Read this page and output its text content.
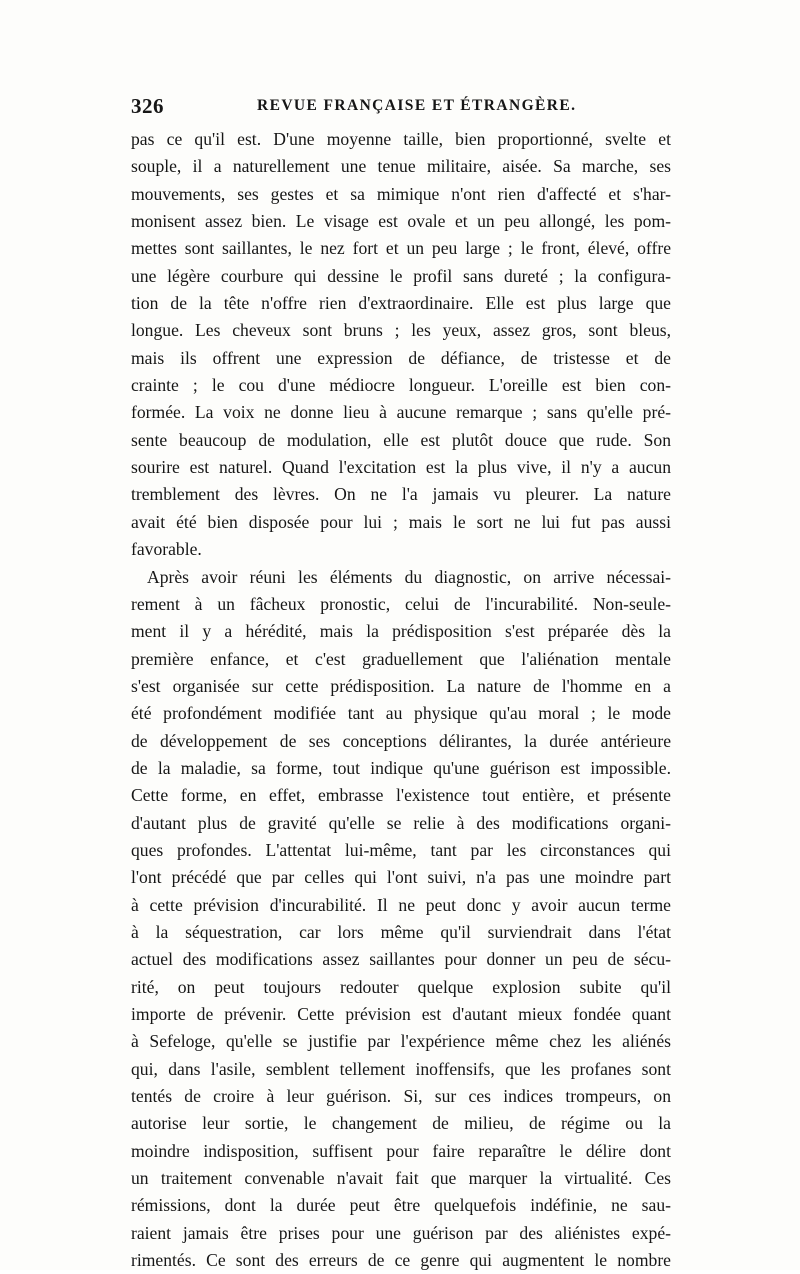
326	REVUE FRANÇAISE ET ÉTRANGÈRE.
pas ce qu'il est. D'une moyenne taille, bien proportionné, svelte et
souple, il a naturellement une tenue militaire, aisée. Sa marche, ses
mouvements, ses gestes et sa mimique n'ont rien d'affecté et s'har-
monisent assez bien. Le visage est ovale et un peu allongé, les pom-
mettes sont saillantes, le nez fort et un peu large ; le front, élevé, offre
une légère courbure qui dessine le profil sans dureté ; la configura-
tion de la tête n'offre rien d'extraordinaire. Elle est plus large que
longue. Les cheveux sont bruns ; les yeux, assez gros, sont bleus,
mais ils offrent une expression de défiance, de tristesse et de
crainte ; le cou d'une médiocre longueur. L'oreille est bien con-
formée. La voix ne donne lieu à aucune remarque ; sans qu'elle pré-
sente beaucoup de modulation, elle est plutôt douce que rude. Son
sourire est naturel. Quand l'excitation est la plus vive, il n'y a aucun
tremblement des lèvres. On ne l'a jamais vu pleurer. La nature
avait été bien disposée pour lui ; mais le sort ne lui fut pas aussi
favorable.
Après avoir réuni les éléments du diagnostic, on arrive nécessai-
rement à un fâcheux pronostic, celui de l'incurabilité. Non-seule-
ment il y a hérédité, mais la prédisposition s'est préparée dès la
première enfance, et c'est graduellement que l'aliénation mentale
s'est organisée sur cette prédisposition. La nature de l'homme en a
été profondément modifiée tant au physique qu'au moral ; le mode
de développement de ses conceptions délirantes, la durée antérieure
de la maladie, sa forme, tout indique qu'une guérison est impossible.
Cette forme, en effet, embrasse l'existence tout entière, et présente
d'autant plus de gravité qu'elle se relie à des modifications organi-
ques profondes. L'attentat lui-même, tant par les circonstances qui
l'ont précédé que par celles qui l'ont suivi, n'a pas une moindre part
à cette prévision d'incurabilité. Il ne peut donc y avoir aucun terme
à la séquestration, car lors même qu'il surviendrait dans l'état
actuel des modifications assez saillantes pour donner un peu de sécu-
rité, on peut toujours redouter quelque explosion subite qu'il
importe de prévenir. Cette prévision est d'autant mieux fondée quant
à Sefeloge, qu'elle se justifie par l'expérience même chez les aliénés
qui, dans l'asile, semblent tellement inoffensifs, que les profanes sont
tentés de croire à leur guérison. Si, sur ces indices trompeurs, on
autorise leur sortie, le changement de milieu, de régime ou la
moindre indisposition, suffisent pour faire reparaître le délire dont
un traitement convenable n'avait fait que marquer la virtualité. Ces
rémissions, dont la durée peut être quelquefois indéfinie, ne sau-
raient jamais être prises pour une guérison par des aliénistes expé-
rimentés. Ce sont des erreurs de ce genre qui augmentent le nombre
